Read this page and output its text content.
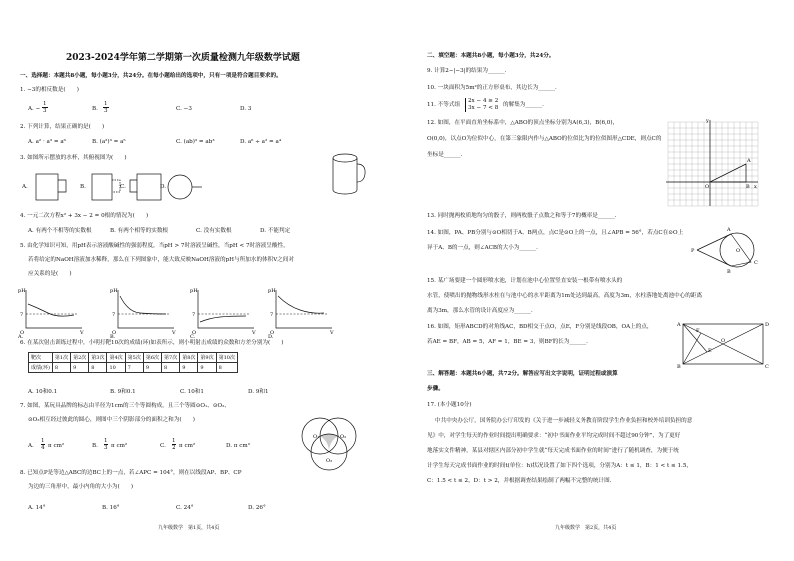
2023-2024学年第二学期第一次质量检测九年级数学试题
一、选择题：本题共8小题，每小题3分，共24分。在每小题给出的选项中，只有一项是符合题目要求的。
1. −3的相反数是(　　)
A. −
1
3	B.
1
3	C. −3	D. 3
2. 下列计算，结果正确的是(　　)
A. a² · a³ = a⁶	B. (a²)³ = a⁵	C. (ab)³ = ab³	D. a⁶ ÷ a² = a⁴
3. 如图所示摆放的水杯，其俯视图为(　　)
A.	B.	C.	D.
4. 一元二次方程x² + 3x − 2 = 0根的情况为(　　)
A. 有两个不相等的实数根	B. 有两个相等的实数根	C. 没有实数根	D. 不能判定
5. 由化学知识可知，用pH表示溶液酸碱性的强弱程度，当pH > 7时溶液呈碱性，当pH < 7时溶液呈酸性，
若将给定的NaOH溶液加水稀释，那么在下列图象中，能大致反映NaOH溶液的pH与所加水的体积V之间对
应关系的是(　　)
pH
7
O	V
A.
pH
7
O	V
B.
pH
7
O	V
C.
pH
7
O	V
D.
6. 在某次射击训练过程中，小明打靶10次的成绩(环)如表所示，则小明射击成绩的众数和方差分别为(　　)
靶次	第1次	第2次	第3次	第4次	第5次	第6次	第7次	第8次	第9次	第10次
成绩(环)	8	9	8	10	7	9	8	9	9	8
A. 10和0.1	B. 9和0.1	C. 10和1	D. 9和1
7. 如图，某玩具品牌的标志由半径为1cm的三个等圆构成，且三个等圆⊙O₁、⊙O₂、
⊙O₃相互经过彼此的圆心，则图中三个阴影部分的面积之和为(　　)
O₁	O₂
O₃
A.
1
4 π cm²	B.
1
3 π cm²	C.
1
2 π cm²	D. π cm²
8. 已知点P是等边△ABC的边BC上的一点，若∠APC = 104°，则在以线段AP、BP、CP
为边的三角形中，最小内角的大小为(　　)
A. 14°	B. 16°	C. 24°	D. 26°
九年级数学　第1页，共4页
二、填空题：本题共8小题，每小题3分，共24分。
9. 计算2−|−3|的结果为______.
10. 一块面积为5m²的正方形桌布，其边长为______.
11. 不等式组
2x − 4 ≥ 2
3x − 7 < 8 的解集为______.
12. 如图，在平面直角坐标系中，△ABO的顶点坐标分别为A(6,3)，B(6,0)，
O(0,0)，以点O为位似中心，在第三象限内作与△ABO的位似比为的位似图形△CDE，则点C的
坐标是______.
y
A
O	B x
13. 同时抛两枚质地均匀的骰子，则两枚骰子点数之和等于7的概率是______.
14. 如图，PA、PB分别与⊙O相切于A、B两点，点C是⊙O上的一点，且∠APB = 56°，若点C在⊙O上
异于A、B的一点，则∠ACB的大小为______.
A
P	O
C
B
15. 某广场要建一个圆形喷水池，计划在池中心位置竖直安装一根带有喷水头的
水管，使喷出的抛物线形水柱在与池中心的水平距离为1m处达到最高，高度为3m，水柱落地处离池中心的距离
离为3m，那么水管的设计高度应为______.
16. 如图，矩形ABCD的对角线AC，BD相交于点O，点E，F分别是线段OB，OA上的点，
若AE = BF，AB = 5，AF = 1，BE = 3，则BF的长为______.
A	D
F
O
E
B	C
三、解答题：本题共6小题，共72分。解答应写出文字说明，证明过程或演算
步骤。
17. (本小题10分)
中共中央办公厅，国务院办公厅印发的《关于进一步减轻义务教育阶段学生作业负担和校外培训负担的意
见》中，对学生每天的作业时间提出明确要求：“初中书面作业平均完成时间不超过90分钟”，为了更好
地落实文件精神，某县对辖区内部分初中学生就“每天完成书面作业的时间”进行了随机调查，为便于统
计学生每天完成书面作业的时间t(单位：h)状况设置了如下四个选项，分别为A：t ≤ 1，B：1 < t ≤ 1.5，
C：1.5 < t ≤ 2，D：t > 2，并根据调查结果绘制了两幅不完整的统计图.
九年级数学　第2页，共4页
